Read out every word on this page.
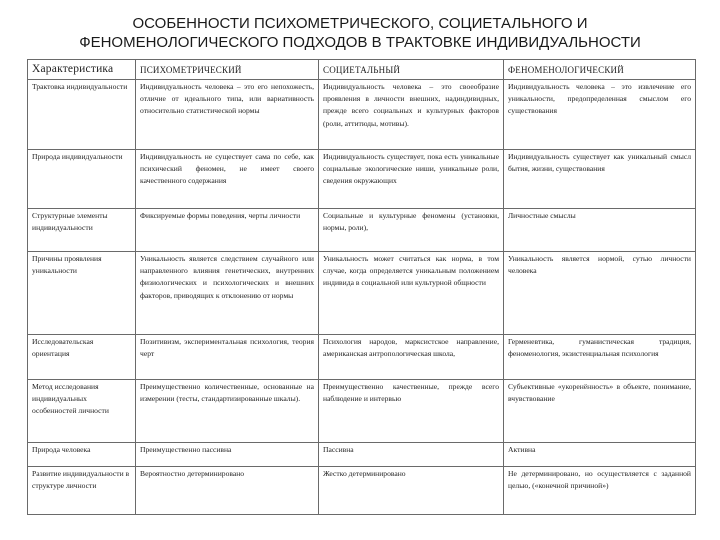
ОСОБЕННОСТИ ПСИХОМЕТРИЧЕСКОГО, СОЦИЕТАЛЬНОГО И
ФЕНОМЕНОЛОГИЧЕСКОГО ПОДХОДОВ В ТРАКТОВКЕ ИНДИВИДУАЛЬНОСТИ
Характеристика	ПСИХОМЕТРИЧЕСКИЙ	СОЦИЕТАЛЬНЫЙ	ФЕНОМЕНОЛОГИЧЕСКИЙ
Трактовка индивидуальности	Индивидуальность человека – это его непохожесть, отличие от идеального типа, или вариативность относительно статистической нормы	Индивидуальность человека – это своеобразие проявления в личности внешних, надиндивидных, прежде всего социальных и культурных факторов (роли, аттитюды, мотивы).	Индивидуальность человека – это извлечение его уникальности, предопределенная смыслом его существования
Природа индивидуальности	Индивидуальность не существует сама по себе, как психический феномен, не имеет своего качественного содержания	Индивидуальность существует, пока есть уникальные социальные экологические ниши, уникальные роли, сведения окружающих	Индивидуальность существует как уникальный смысл бытия, жизни, существования
Структурные элементы индивидуальности	Фиксируемые формы поведения, черты личности	Социальные и культурные феномены (установки, нормы, роли),	Личностные смыслы
Причины проявления уникальности	Уникальность является следствием случайного или направленного влияния генетических, внутренних физиологических и психологических и внешних факторов, приводящих к отклонению от нормы	Уникальность может считаться как норма, в том случае, когда определяется уникальным положением индивида в социальной или культурной общности	Уникальность является нормой, сутью личности человека
Исследовательская ориентация	Позитивизм, экспериментальная психология, теория черт	Психология народов, марксистское направление, американская антропологическая школа,	Герменевтика, гуманистическая традиция, феноменология, экзистенциальная психология
Метод исследования индивидуальных особенностей личности	Преимущественно количественные, основанные на измерении (тесты, стандартизированные шкалы).	Преимущественно качественные, прежде всего наблюдение и интервью	Субъективные «укоренённость» в объекте, понимание, вчувствование
Природа человека	Преимущественно пассивна	Пассивна	Активна
Развитие индивидуальности в структуре личности	Вероятностно детерминировано	Жестко детерминировано	Не детерминировано, но осуществляется с заданной целью, («конечной причиной»)
